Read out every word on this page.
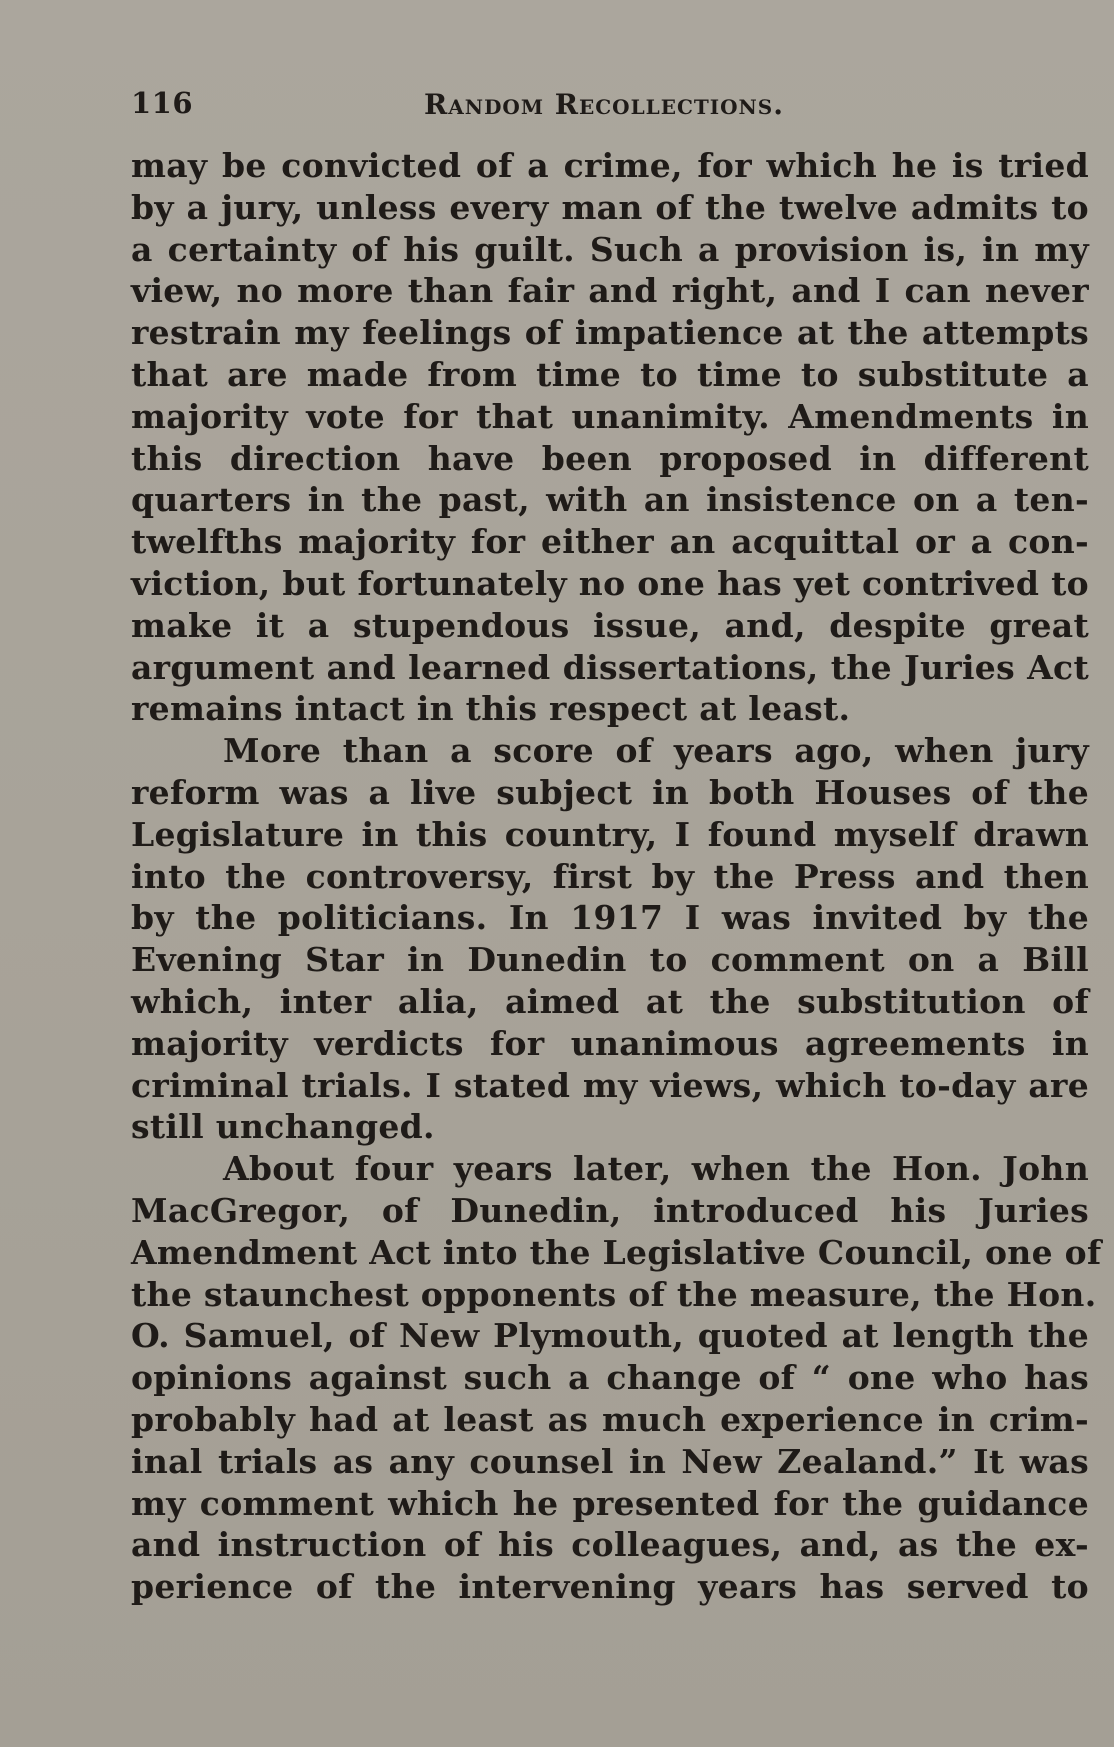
116	Random Recollections.
may be convicted of a crime, for which he is tried
by a jury, unless every man of the twelve admits to
a certainty of his guilt. Such a provision is, in my
view, no more than fair and right, and I can never
restrain my feelings of impatience at the attempts
that are made from time to time to substitute a
majority vote for that unanimity. Amendments in
this direction have been proposed in different
quarters in the past, with an insistence on a ten-
twelfths majority for either an acquittal or a con-
viction, but fortunately no one has yet contrived to
make it a stupendous issue, and, despite great
argument and learned dissertations, the Juries Act
remains intact in this respect at least.
More than a score of years ago, when jury
reform was a live subject in both Houses of the
Legislature in this country, I found myself drawn
into the controversy, first by the Press and then
by the politicians. In 1917 I was invited by the
Evening Star in Dunedin to comment on a Bill
which, inter alia, aimed at the substitution of
majority verdicts for unanimous agreements in
criminal trials. I stated my views, which to-day are
still unchanged.
About four years later, when the Hon. John
MacGregor, of Dunedin, introduced his Juries
Amendment Act into the Legislative Council, one of
the staunchest opponents of the measure, the Hon.
O. Samuel, of New Plymouth, quoted at length the
opinions against such a change of “ one who has
probably had at least as much experience in crim-
inal trials as any counsel in New Zealand.” It was
my comment which he presented for the guidance
and instruction of his colleagues, and, as the ex-
perience of the intervening years has served to
